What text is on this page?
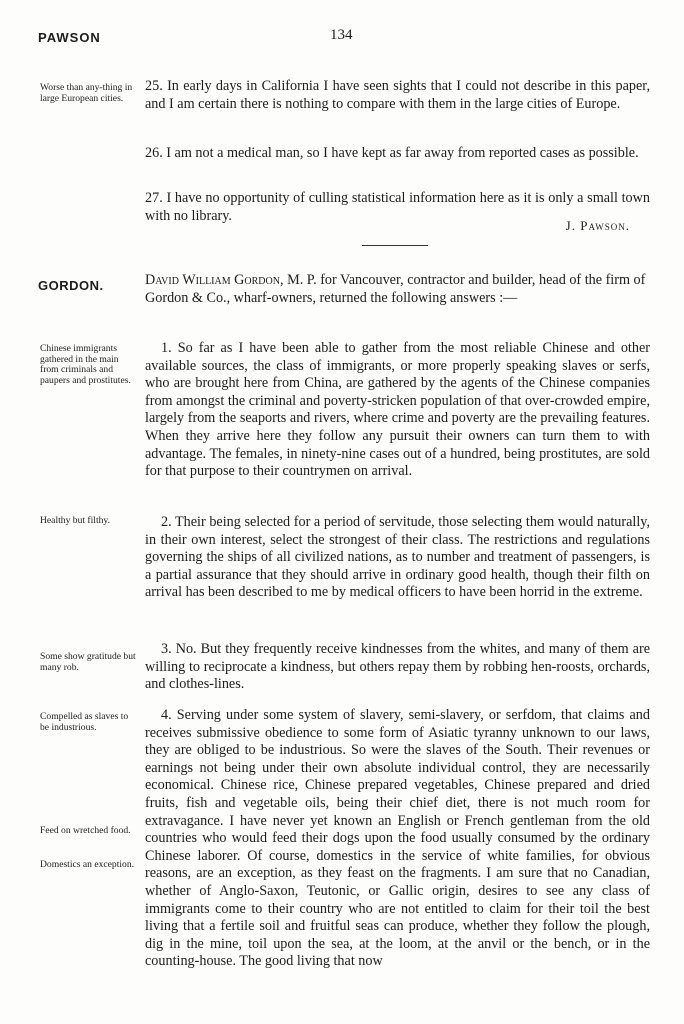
PAWSON	134
Worse than any-thing in large European cities.
25. In early days in California I have seen sights that I could not describe in this paper, and I am certain there is nothing to compare with them in the large cities of Europe.
26. I am not a medical man, so I have kept as far away from reported cases as possible.
27. I have no opportunity of culling statistical information here as it is only a small town with no library.
J. Pawson.
GORDON.	David William Gordon, M. P. for Vancouver, contractor and builder, head of the firm of Gordon & Co., wharf-owners, returned the following answers :—
Chinese immigrants gathered in the main from criminals and paupers and prostitutes.
Healthy but filthy.
Some show gratitude but many rob.
Compelled as slaves to be industrious.
Feed on wretched food.
Domestics an exception.
1. So far as I have been able to gather from the most reliable Chinese and other available sources, the class of immigrants, or more properly speaking slaves or serfs, who are brought here from China, are gathered by the agents of the Chinese companies from amongst the criminal and poverty-stricken population of that over-crowded empire, largely from the seaports and rivers, where crime and poverty are the prevailing features. When they arrive here they follow any pursuit their owners can turn them to with advantage. The females, in ninety-nine cases out of a hundred, being prostitutes, are sold for that purpose to their countrymen on arrival.
2. Their being selected for a period of servitude, those selecting them would naturally, in their own interest, select the strongest of their class. The restrictions and regulations governing the ships of all civilized nations, as to number and treatment of passengers, is a partial assurance that they should arrive in ordinary good health, though their filth on arrival has been described to me by medical officers to have been horrid in the extreme.
3. No. But they frequently receive kindnesses from the whites, and many of them are willing to reciprocate a kindness, but others repay them by robbing hen-roosts, orchards, and clothes-lines.
4. Serving under some system of slavery, semi-slavery, or serfdom, that claims and receives submissive obedience to some form of Asiatic tyranny unknown to our laws, they are obliged to be industrious. So were the slaves of the South. Their revenues or earnings not being under their own absolute individual control, they are necessarily economical. Chinese rice, Chinese prepared vegetables, Chinese prepared and dried fruits, fish and vegetable oils, being their chief diet, there is not much room for extravagance. I have never yet known an English or French gentleman from the old countries who would feed their dogs upon the food usually consumed by the ordinary Chinese laborer. Of course, domestics in the service of white families, for obvious reasons, are an exception, as they feast on the fragments. I am sure that no Canadian, whether of Anglo-Saxon, Teutonic, or Gallic origin, desires to see any class of immigrants come to their country who are not entitled to claim for their toil the best living that a fertile soil and fruitful seas can produce, whether they follow the plough, dig in the mine, toil upon the sea, at the loom, at the anvil or the bench, or in the counting-house. The good living that now
